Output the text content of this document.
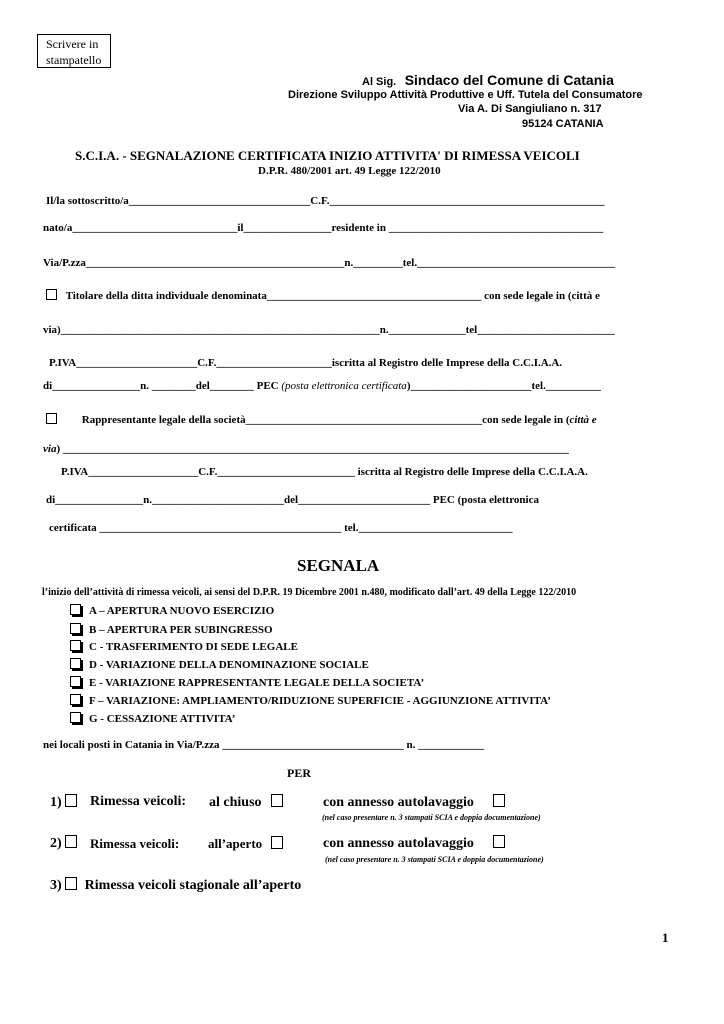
Scrivere in
stampatello
Al Sig. Sindaco del Comune di Catania
Direzione Sviluppo Attività Produttive e Uff. Tutela del Consumatore
Via A. Di Sangiuliano n. 317
95124 CATANIA
S.C.I.A. - SEGNALAZIONE CERTIFICATA INIZIO ATTIVITA' DI RIMESSA VEICOLI
D.P.R. 480/2001 art. 49 Legge 122/2010
Il/la sottoscritto/a_________________________________C.F.__________________________________________________
nato/a______________________________il________________residente in _______________________________________
Via/P.zza_______________________________________________n._________tel.____________________________________
Titolare della ditta individuale denominata_______________________________________ con sede legale in (città e
via)__________________________________________________________n.______________tel_________________________
P.IVA______________________C.F._____________________iscritta al Registro delle Imprese della C.C.I.A.A.
di________________n. ________del________ PEC (posta elettronica certificata)______________________tel.__________
Rappresentante legale della società___________________________________________con sede legale in (città e
via) ____________________________________________________________________________________________
P.IVA____________________C.F._________________________ iscritta al Registro delle Imprese della C.C.I.A.A.
di________________n.________________________del________________________ PEC (posta elettronica
certificata ____________________________________________ tel.____________________________
SEGNALA
l’inizio dell’attività di rimessa veicoli, ai sensi del D.P.R. 19 Dicembre 2001 n.480, modificato dall’art. 49 della Legge 122/2010
A – APERTURA NUOVO ESERCIZIO
B – APERTURA PER SUBINGRESSO
C - TRASFERIMENTO DI SEDE LEGALE
D - VARIAZIONE DELLA DENOMINAZIONE SOCIALE
E - VARIAZIONE RAPPRESENTANTE LEGALE DELLA SOCIETA’
F – VARIAZIONE: AMPLIAMENTO/RIDUZIONE SUPERFICIE - AGGIUNZIONE ATTIVITA’
G - CESSAZIONE ATTIVITA’
nei locali posti in Catania in Via/P.zza _________________________________ n. ____________
PER
1)	Rimessa veicoli: al chiuso	con annesso autolavaggio
(nel caso presentare n. 3 stampati SCIA e doppia documentazione)
2)	Rimessa veicoli: all’aperto	con annesso autolavaggio
(nel caso presentare n. 3 stampati SCIA e doppia documentazione)
3) Rimessa veicoli stagionale all’aperto
1
